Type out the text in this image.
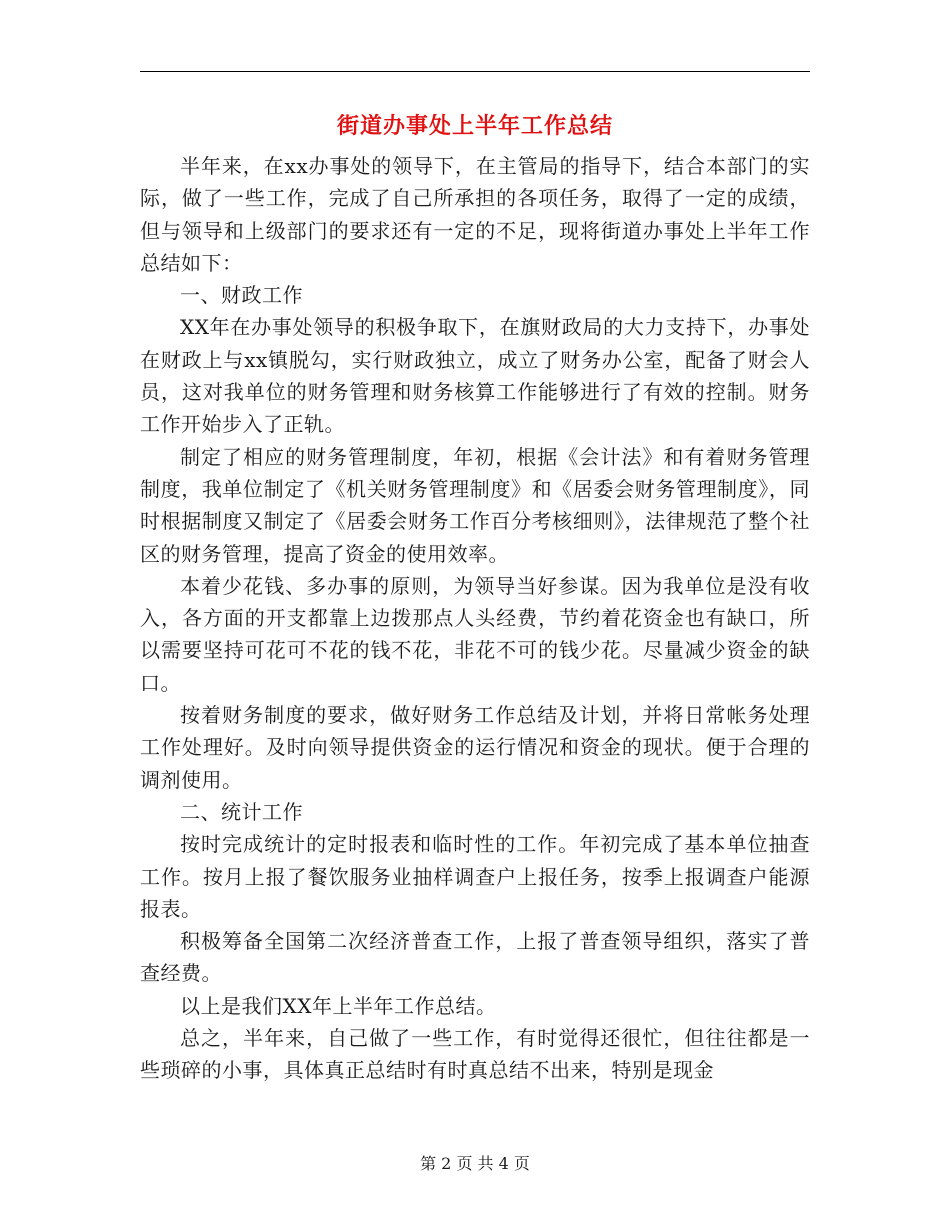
街道办事处上半年工作总结

半年来，在xx办事处的领导下，在主管局的指导下，结合本部门的实际，做了一些工作，完成了自己所承担的各项任务，取得了一定的成绩，但与领导和上级部门的要求还有一定的不足，现将街道办事处上半年工作总结如下：

一、财政工作

XX年在办事处领导的积极争取下，在旗财政局的大力支持下，办事处在财政上与xx镇脱勾，实行财政独立，成立了财务办公室，配备了财会人员，这对我单位的财务管理和财务核算工作能够进行了有效的控制。财务工作开始步入了正轨。

制定了相应的财务管理制度，年初，根据《会计法》和有着财务管理制度，我单位制定了《机关财务管理制度》和《居委会财务管理制度》，同时根据制度又制定了《居委会财务工作百分考核细则》，法律规范了整个社区的财务管理，提高了资金的使用效率。

本着少花钱、多办事的原则，为领导当好参谋。因为我单位是没有收入，各方面的开支都靠上边拨那点人头经费，节约着花资金也有缺口，所以需要坚持可花可不花的钱不花，非花不可的钱少花。尽量减少资金的缺口。

按着财务制度的要求，做好财务工作总结及计划，并将日常帐务处理工作处理好。及时向领导提供资金的运行情况和资金的现状。便于合理的调剂使用。

二、统计工作

按时完成统计的定时报表和临时性的工作。年初完成了基本单位抽查工作。按月上报了餐饮服务业抽样调查户上报任务，按季上报调查户能源报表。

积极筹备全国第二次经济普查工作，上报了普查领导组织，落实了普查经费。

以上是我们XX年上半年工作总结。

总之，半年来，自己做了一些工作，有时觉得还很忙，但往往都是一些琐碎的小事，具体真正总结时有时真总结不出来，特别是现金

第 2 页 共 4 页
